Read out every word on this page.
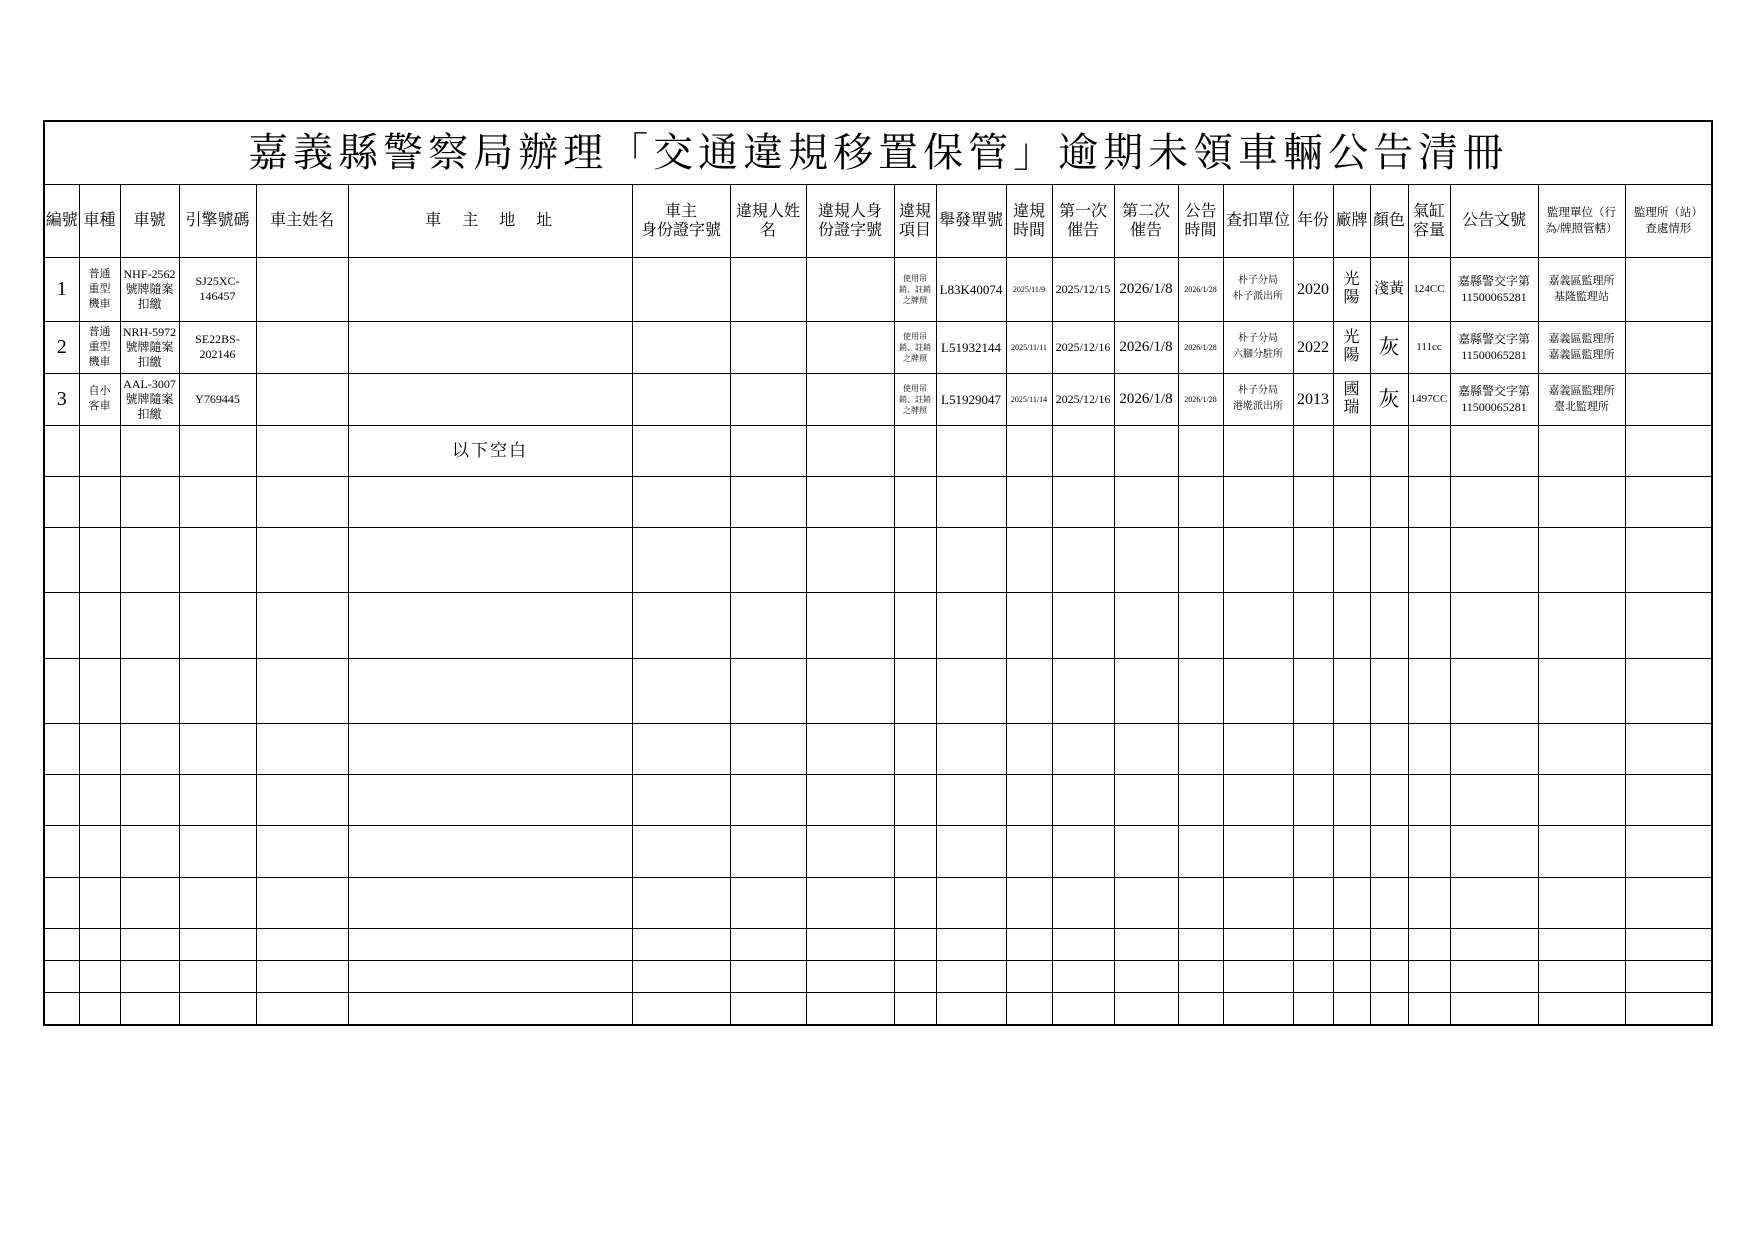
嘉義縣警察局辦理「交通違規移置保管」逾期未領車輛公告清冊																						
編號	車種	車號	引擎號碼	車主姓名	車　主　地　址	車主
身份證字號	違規人姓
名	違規人身
份證字號	違規
項目	舉發單號	違規
時間	第一次
催告	第二次
催告	公告
時間	查扣單位	年份	廠牌	顏色	氣缸
容量	公告文號	監理單位（行
為/牌照管轄）	監理所（站）
查處情形
1	普通
重型
機車	NHF-2562
號牌隨案
扣繳	SJ25XC-
146457						使用吊
銷、註銷
之牌照	L83K40074	2025/11/9	2025/12/15	2026/1/8	2026/1/28	朴子分局
朴子派出所	2020	光
陽	淺黃	124CC	嘉縣警交字第
11500065281	嘉義區監理所
基隆監理站	
2	普通
重型
機車	NRH-5972
號牌隨案
扣繳	SE22BS-
202146						使用吊
銷、註銷
之牌照	L51932144	2025/11/11	2025/12/16	2026/1/8	2026/1/28	朴子分局
六腳分駐所	2022	光
陽	灰	111cc	嘉縣警交字第
11500065281	嘉義區監理所
嘉義區監理所	
3	自小
客車	AAL-3007
號牌隨案
扣繳	Y769445						使用吊
銷、註銷
之牌照	L51929047	2025/11/14	2025/12/16	2026/1/8	2026/1/28	朴子分局
港墘派出所	2013	國
瑞	灰	1497CC	嘉縣警交字第
11500065281	嘉義區監理所
臺北監理所	
					以下空白																	
